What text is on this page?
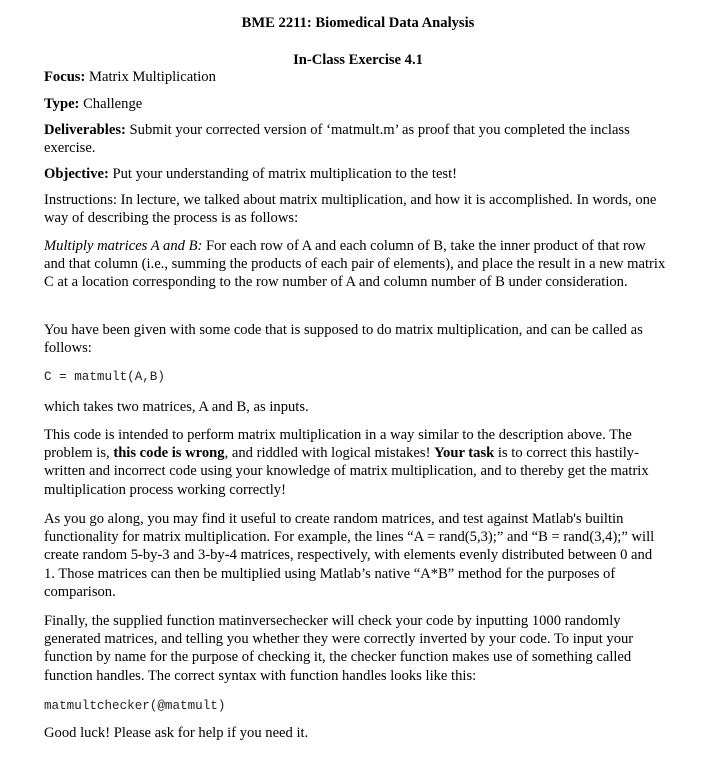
BME 2211: Biomedical Data Analysis
In-Class Exercise 4.1

Focus: Matrix Multiplication

Type: Challenge

Deliverables: Submit your corrected version of ‘matmult.m’ as proof that you completed the inclass exercise.

Objective: Put your understanding of matrix multiplication to the test!

Instructions: In lecture, we talked about matrix multiplication, and how it is accomplished. In words, one way of describing the process is as follows:

Multiply matrices A and B: For each row of A and each column of B, take the inner product of that row and that column (i.e., summing the products of each pair of elements), and place the result in a new matrix C at a location corresponding to the row number of A and column number of B under consideration.

You have been given with some code that is supposed to do matrix multiplication, and can be called as follows:

C = matmult(A,B)

which takes two matrices, A and B, as inputs.

This code is intended to perform matrix multiplication in a way similar to the description above. The problem is, this code is wrong, and riddled with logical mistakes! Your task is to correct this hastily-written and incorrect code using your knowledge of matrix multiplication, and to thereby get the matrix multiplication process working correctly!

As you go along, you may find it useful to create random matrices, and test against Matlab's builtin functionality for matrix multiplication. For example, the lines “A = rand(5,3);” and “B = rand(3,4);” will create random 5-by-3 and 3-by-4 matrices, respectively, with elements evenly distributed between 0 and 1. Those matrices can then be multiplied using Matlab’s native “A*B” method for the purposes of comparison.

Finally, the supplied function matinversechecker will check your code by inputting 1000 randomly generated matrices, and telling you whether they were correctly inverted by your code. To input your function by name for the purpose of checking it, the checker function makes use of something called function handles. The correct syntax with function handles looks like this:

matmultchecker(@matmult)

Good luck! Please ask for help if you need it.
